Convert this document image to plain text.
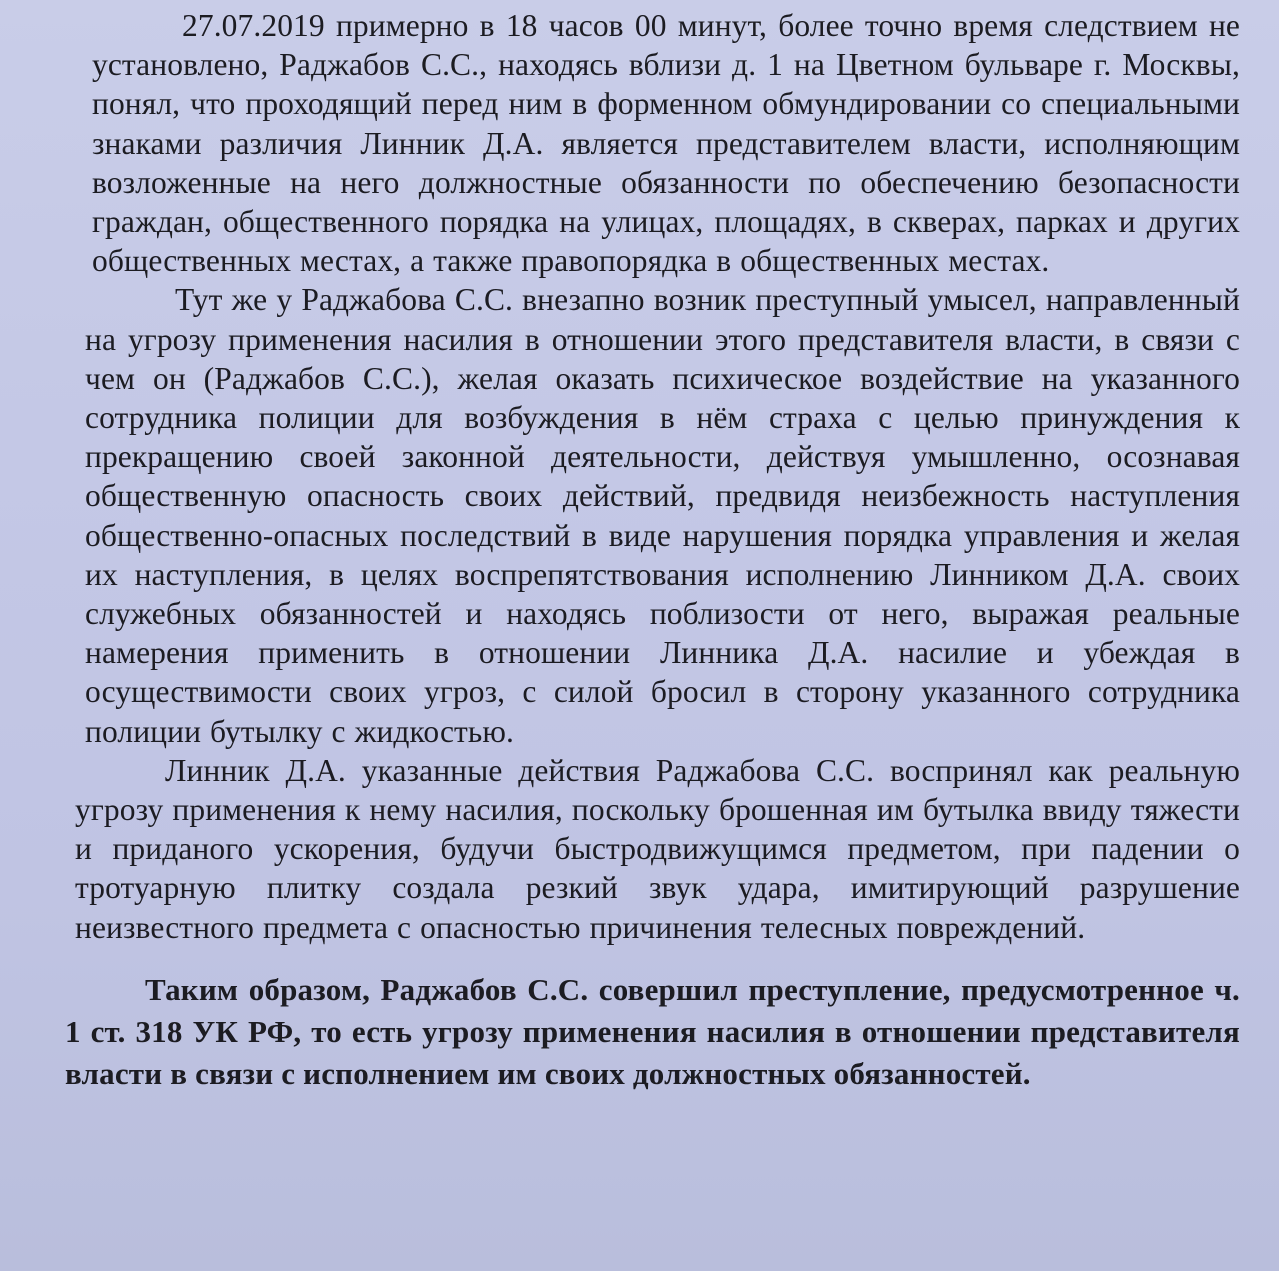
27.07.2019 примерно в 18 часов 00 минут, более точно время следствием не установлено, Раджабов С.С., находясь вблизи д. 1 на Цветном бульваре г. Москвы, понял, что проходящий перед ним в форменном обмундировании со специальными знаками различия Линник Д.А. является представителем власти, исполняющим возложенные на него должностные обязанности по обеспечению безопасности граждан, общественного порядка на улицах, площадях, в скверах, парках и других общественных местах, а также правопорядка в общественных местах.

Тут же у Раджабова С.С. внезапно возник преступный умысел, направленный на угрозу применения насилия в отношении этого представителя власти, в связи с чем он (Раджабов С.С.), желая оказать психическое воздействие на указанного сотрудника полиции для возбуждения в нём страха с целью принуждения к прекращению своей законной деятельности, действуя умышленно, осознавая общественную опасность своих действий, предвидя неизбежность наступления общественно-опасных последствий в виде нарушения порядка управления и желая их наступления, в целях воспрепятствования исполнению Линником Д.А. своих служебных обязанностей и находясь поблизости от него, выражая реальные намерения применить в отношении Линника Д.А. насилие и убеждая в осуществимости своих угроз, с силой бросил в сторону указанного сотрудника полиции бутылку с жидкостью.

Линник Д.А. указанные действия Раджабова С.С. воспринял как реальную угрозу применения к нему насилия, поскольку брошенная им бутылка ввиду тяжести и приданого ускорения, будучи быстродвижущимся предметом, при падении о тротуарную плитку создала резкий звук удара, имитирующий разрушение неизвестного предмета с опасностью причинения телесных повреждений.

Таким образом, Раджабов С.С. совершил преступление, предусмотренное ч. 1 ст. 318 УК РФ, то есть угрозу применения насилия в отношении представителя власти в связи с исполнением им своих должностных обязанностей.
